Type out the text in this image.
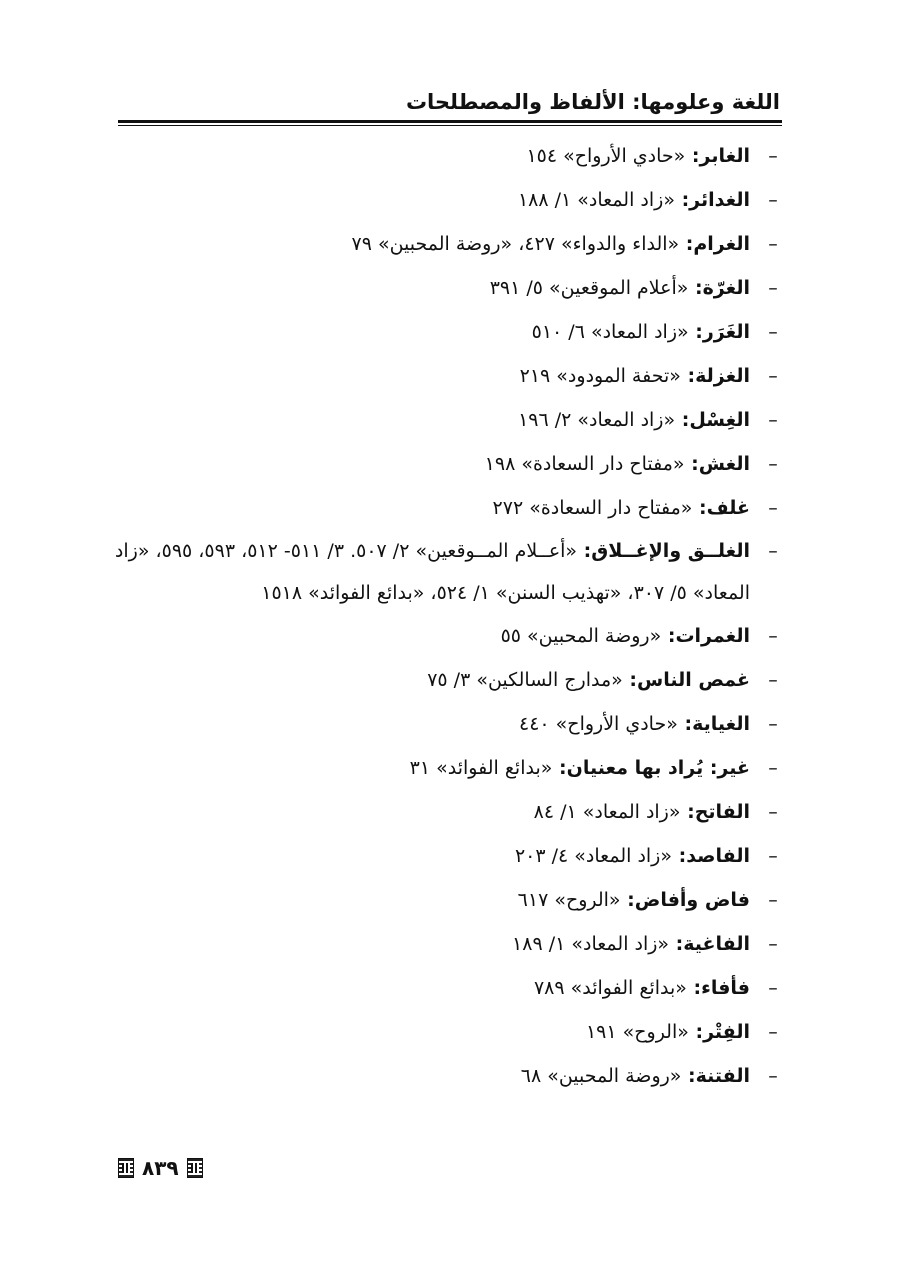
اللغة وعلومها: الألفاظ والمصطلحات
–
الغابر: «حادي الأرواح» ١٥٤
–
الغدائر: «زاد المعاد» ١/ ١٨٨
–
الغرام: «الداء والدواء» ٤٢٧، «روضة المحبين» ٧٩
–
الغرّة: «أعلام الموقعين» ٥/ ٣٩١
–
الغَرَر: «زاد المعاد» ٦/ ٥١٠
–
الغزلة: «تحفة المودود» ٢١٩
–
الغِسْل: «زاد المعاد» ٢/ ١٩٦
–
الغش: «مفتاح دار السعادة» ١٩٨
–
غلف: «مفتاح دار السعادة» ٢٧٢
–
الغلــق والإغــلاق: «أعــلام المــوقعين» ٢/ ٥٠٧. ٣/ ٥١١- ٥١٢، ٥٩٣، ٥٩٥، «زاد المعاد» ٥/ ٣٠٧، «تهذيب السنن» ١/ ٥٢٤، «بدائع الفوائد» ١٥١٨
–
الغمرات: «روضة المحبين» ٥٥
–
غمص الناس: «مدارج السالكين» ٣/ ٧٥
–
الغياية: «حادي الأرواح» ٤٤٠
–
غير: يُراد بها معنيان: «بدائع الفوائد» ٣١
–
الفاتح: «زاد المعاد» ١/ ٨٤
–
الفاصد: «زاد المعاد» ٤/ ٢٠٣
–
فاض وأفاض: «الروح» ٦١٧
–
الفاغية: «زاد المعاد» ١/ ١٨٩
–
فأفاء: «بدائع الفوائد» ٧٨٩
–
الفِتْر: «الروح» ١٩١
–
الفتنة: «روضة المحبين» ٦٨
٨٣٩
